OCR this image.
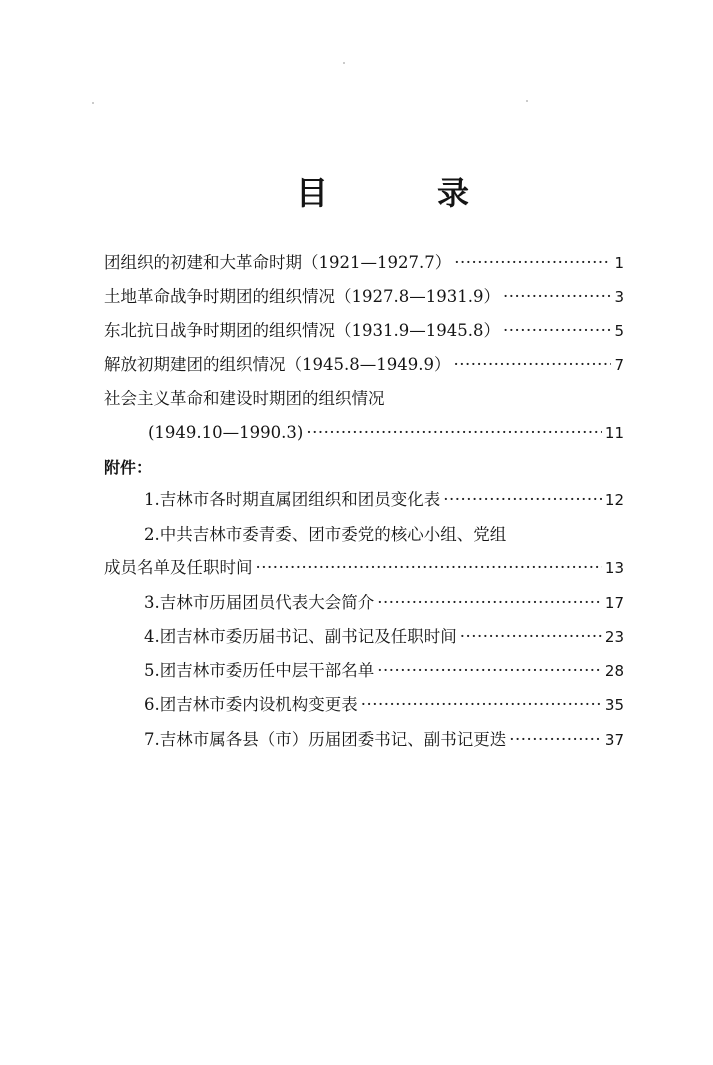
目	录
团组织的初建和大革命时期（1921—1927.7） ·····	1
土地革命战争时期团的组织情况（1927.8—1931.9） ·····	3
东北抗日战争时期团的组织情况（1931.9—1945.8） ·····	5
解放初期建团的组织情况（1945.8—1949.9） ·····	7
社会主义革命和建设时期团的组织情况
(1949.10—1990.3) ·····	11
附件：
1.吉林市各时期直属团组织和团员变化表 ·····	12
2.中共吉林市委青委、团市委党的核心小组、党组
成员名单及任职时间 ·····	13
3.吉林市历届团员代表大会简介 ·····	17
4.团吉林市委历届书记、副书记及任职时间 ·····	23
5.团吉林市委历任中层干部名单 ·····	28
6.团吉林市委内设机构变更表 ·····	35
7.吉林市属各县（市）历届团委书记、副书记更迭 ·····	37
